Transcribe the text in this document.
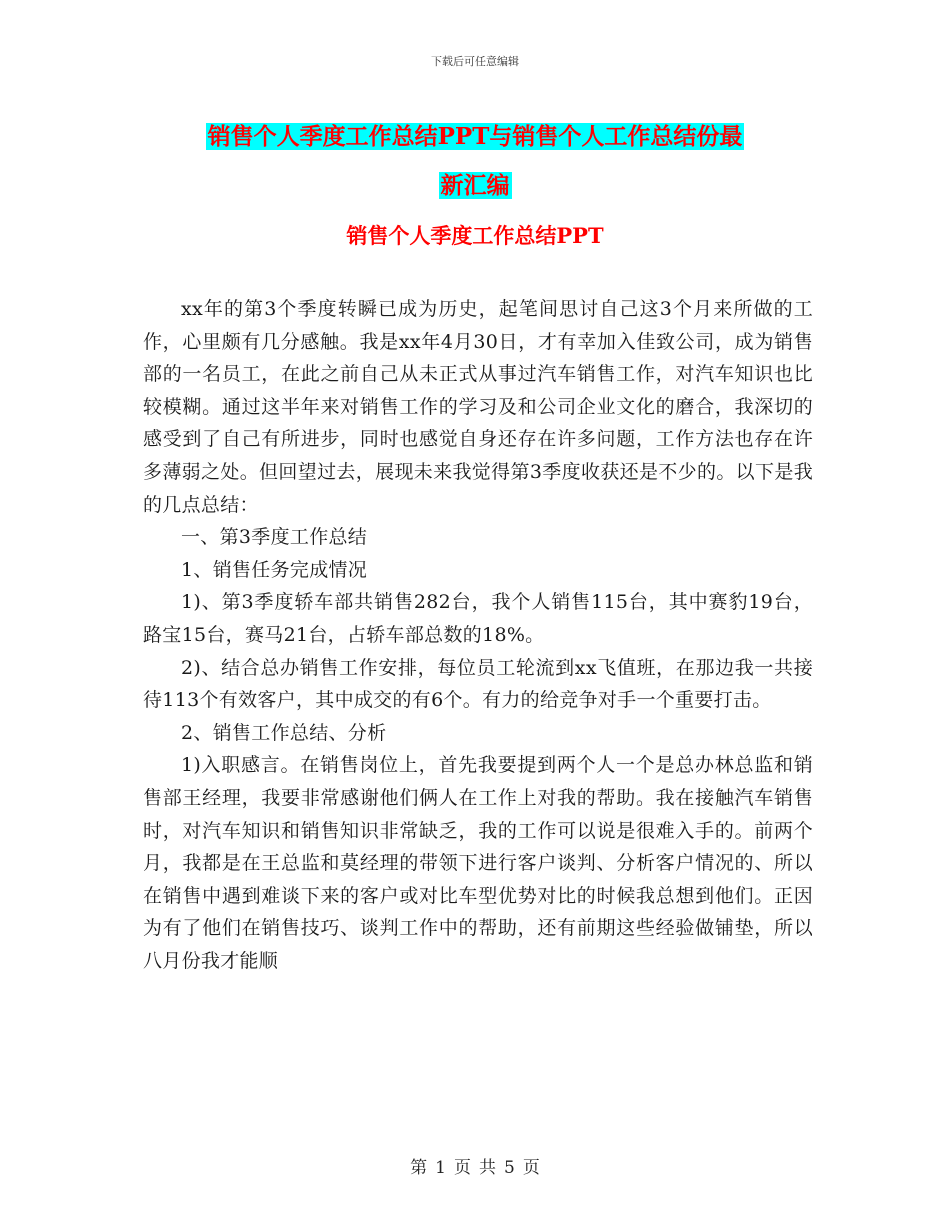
下载后可任意编辑
销售个人季度工作总结PPT与销售个人工作总结份最
新汇编
销售个人季度工作总结PPT

xx年的第3个季度转瞬已成为历史，起笔间思讨自己这3个月来所做的工作，心里颇有几分感触。我是xx年4月30日，才有幸加入佳致公司，成为销售部的一名员工，在此之前自己从未正式从事过汽车销售工作，对汽车知识也比较模糊。通过这半年来对销售工作的学习及和公司企业文化的磨合，我深切的感受到了自己有所进步，同时也感觉自身还存在许多问题，工作方法也存在许多薄弱之处。但回望过去，展现未来我觉得第3季度收获还是不少的。以下是我的几点总结：

一、第3季度工作总结

1、销售任务完成情况

1)、第3季度轿车部共销售282台，我个人销售115台，其中赛豹19台，路宝15台，赛马21台，占轿车部总数的18%。

2)、结合总办销售工作安排，每位员工轮流到xx飞值班，在那边我一共接待113个有效客户，其中成交的有6个。有力的给竞争对手一个重要打击。

2、销售工作总结、分析

1)入职感言。在销售岗位上，首先我要提到两个人一个是总办林总监和销售部王经理，我要非常感谢他们俩人在工作上对我的帮助。我在接触汽车销售时，对汽车知识和销售知识非常缺乏，我的工作可以说是很难入手的。前两个月，我都是在王总监和莫经理的带领下进行客户谈判、分析客户情况的、所以在销售中遇到难谈下来的客户或对比车型优势对比的时候我总想到他们。正因为有了他们在销售技巧、谈判工作中的帮助，还有前期这些经验做铺垫，所以八月份我才能顺

第 1 页 共 5 页
